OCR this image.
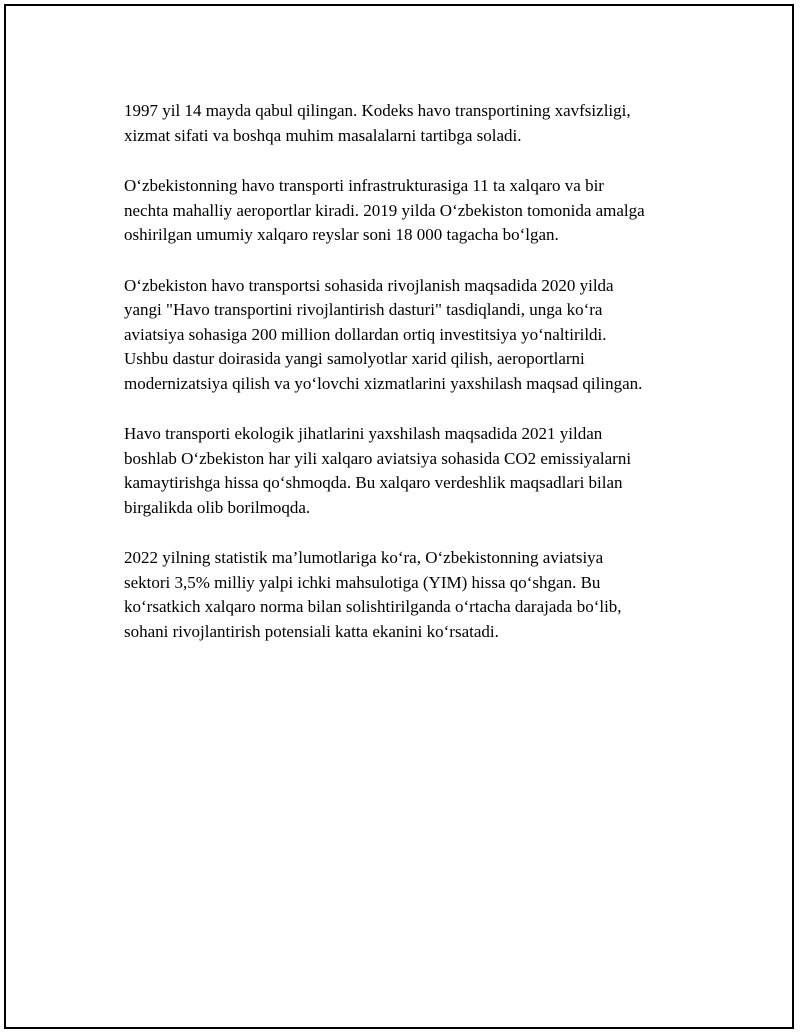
1997 yil 14 mayda qabul qilingan. Kodeks havo transportining xavfsizligi,
xizmat sifati va boshqa muhim masalalarni tartibga soladi.

O‘zbekistonning havo transporti infrastrukturasiga 11 ta xalqaro va bir
nechta mahalliy aeroportlar kiradi. 2019 yilda O‘zbekiston tomonida amalga
oshirilgan umumiy xalqaro reyslar soni 18 000 tagacha bo‘lgan.

O‘zbekiston havo transportsi sohasida rivojlanish maqsadida 2020 yilda
yangi "Havo transportini rivojlantirish dasturi" tasdiqlandi, unga ko‘ra
aviatsiya sohasiga 200 million dollardan ortiq investitsiya yo‘naltirildi.
Ushbu dastur doirasida yangi samolyotlar xarid qilish, aeroportlarni
modernizatsiya qilish va yo‘lovchi xizmatlarini yaxshilash maqsad qilingan.

Havo transporti ekologik jihatlarini yaxshilash maqsadida 2021 yildan
boshlab O‘zbekiston har yili xalqaro aviatsiya sohasida CO2 emissiyalarni
kamaytirishga hissa qo‘shmoqda. Bu xalqaro verdeshlik maqsadlari bilan
birgalikda olib borilmoqda.

2022 yilning statistik ma’lumotlariga ko‘ra, O‘zbekistonning aviatsiya
sektori 3,5% milliy yalpi ichki mahsulotiga (YIM) hissa qo‘shgan. Bu
ko‘rsatkich xalqaro norma bilan solishtirilganda o‘rtacha darajada bo‘lib,
sohani rivojlantirish potensiali katta ekanini ko‘rsatadi.
